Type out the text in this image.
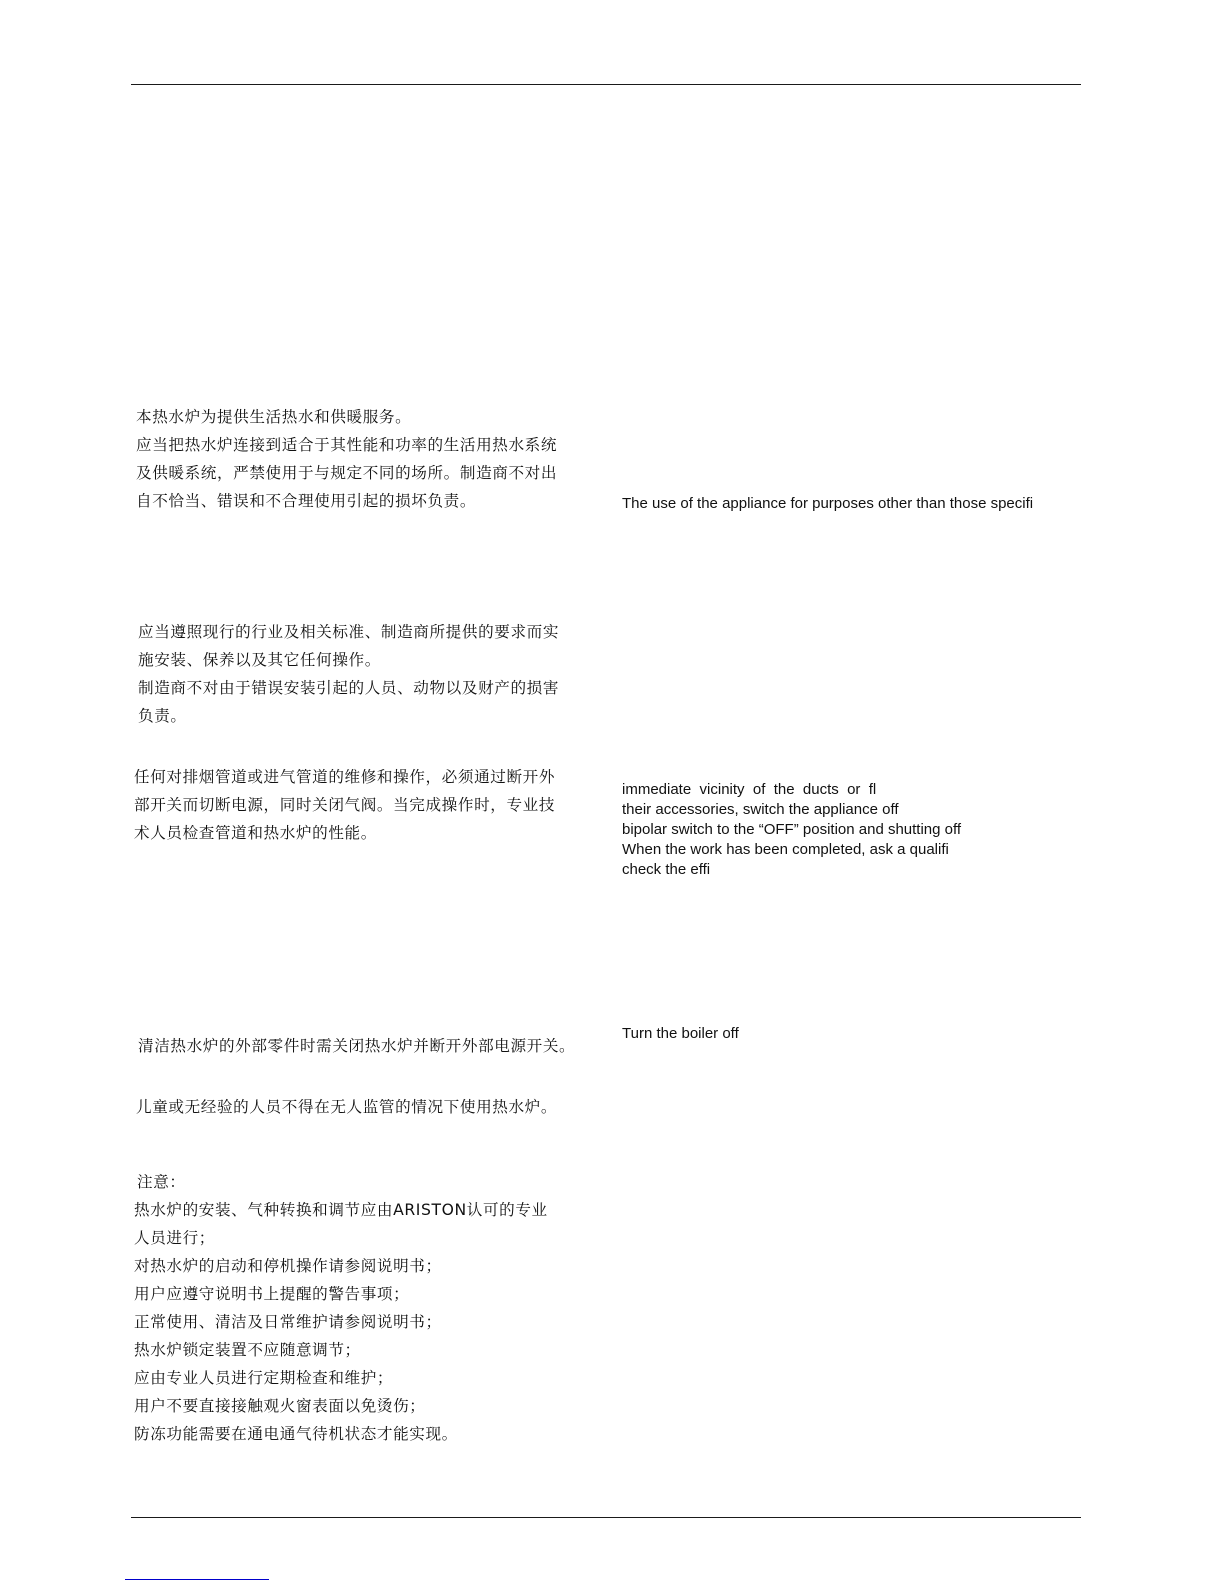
本热水炉为提供生活热水和供暖服务。
应当把热水炉连接到适合于其性能和功率的生活用热水系统
及供暖系统，严禁使用于与规定不同的场所。制造商不对出
自不恰当、错误和不合理使用引起的损坏负责。	The use of the appliance for purposes other than those specifi
应当遵照现行的行业及相关标准、制造商所提供的要求而实
施安装、保养以及其它任何操作。
制造商不对由于错误安装引起的人员、动物以及财产的损害
负责。
任何对排烟管道或进气管道的维修和操作，必须通过断开外
部开关而切断电源，同时关闭气阀。当完成操作时，专业技
术人员检查管道和热水炉的性能。
immediate  vicinity  of  the  ducts  or  fl
their accessories, switch the appliance off
bipolar switch to the “OFF” position and shutting off
When the work has been completed, ask a qualifi
check the effi
清洁热水炉的外部零件时需关闭热水炉并断开外部电源开关。
Turn the boiler off
儿童或无经验的人员不得在无人监管的情况下使用热水炉。
注意：
热水炉的安装、气种转换和调节应由ARISTON认可的专业
人员进行；
对热水炉的启动和停机操作请参阅说明书；
用户应遵守说明书上提醒的警告事项；
正常使用、清洁及日常维护请参阅说明书；
热水炉锁定装置不应随意调节；
应由专业人员进行定期检查和维护；
用户不要直接接触观火窗表面以免烫伤；
防冻功能需要在通电通气待机状态才能实现。
